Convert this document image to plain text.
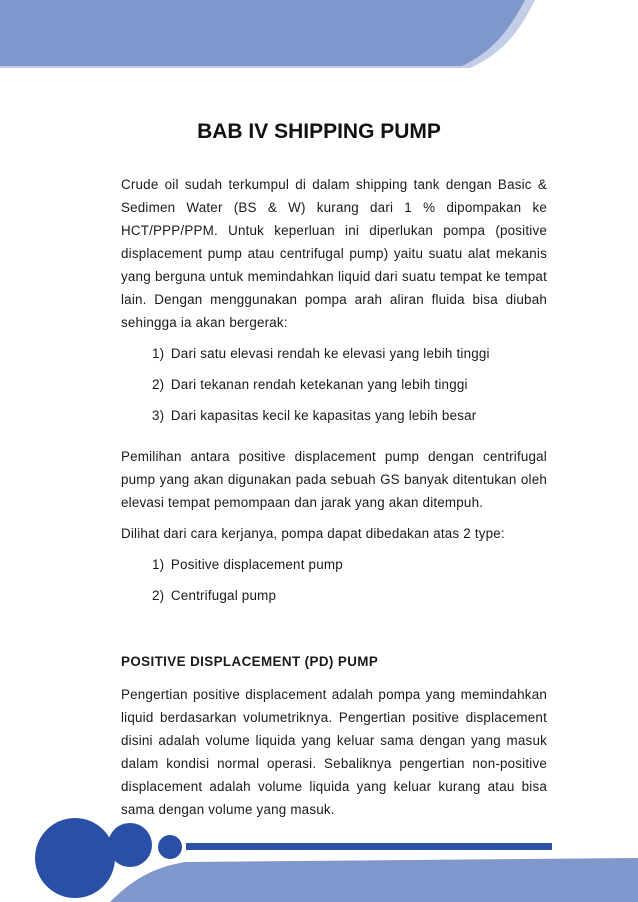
BAB IV SHIPPING PUMP

Crude oil sudah terkumpul di dalam shipping tank dengan Basic & Sedimen Water (BS & W) kurang dari 1 % dipompakan ke HCT/PPP/PPM. Untuk keperluan ini diperlukan pompa (positive displacement pump atau centrifugal pump) yaitu suatu alat mekanis yang berguna untuk memindahkan liquid dari suatu tempat ke tempat lain. Dengan menggunakan pompa arah aliran fluida bisa diubah sehingga ia akan bergerak:

1) Dari satu elevasi rendah ke elevasi yang lebih tinggi
2) Dari tekanan rendah ketekanan yang lebih tinggi
3) Dari kapasitas kecil ke kapasitas yang lebih besar

Pemilihan antara positive displacement pump dengan centrifugal pump yang akan digunakan pada sebuah GS banyak ditentukan oleh elevasi tempat pemompaan dan jarak yang akan ditempuh.

Dilihat dari cara kerjanya, pompa dapat dibedakan atas 2 type:

1) Positive displacement pump
2) Centrifugal pump
POSITIVE DISPLACEMENT (PD) PUMP

Pengertian positive displacement adalah pompa yang memindahkan liquid berdasarkan volumetriknya. Pengertian positive displacement disini adalah volume liquida yang keluar sama dengan yang masuk dalam kondisi normal operasi. Sebaliknya pengertian non-positive displacement adalah volume liquida yang keluar kurang atau bisa sama dengan volume yang masuk.
